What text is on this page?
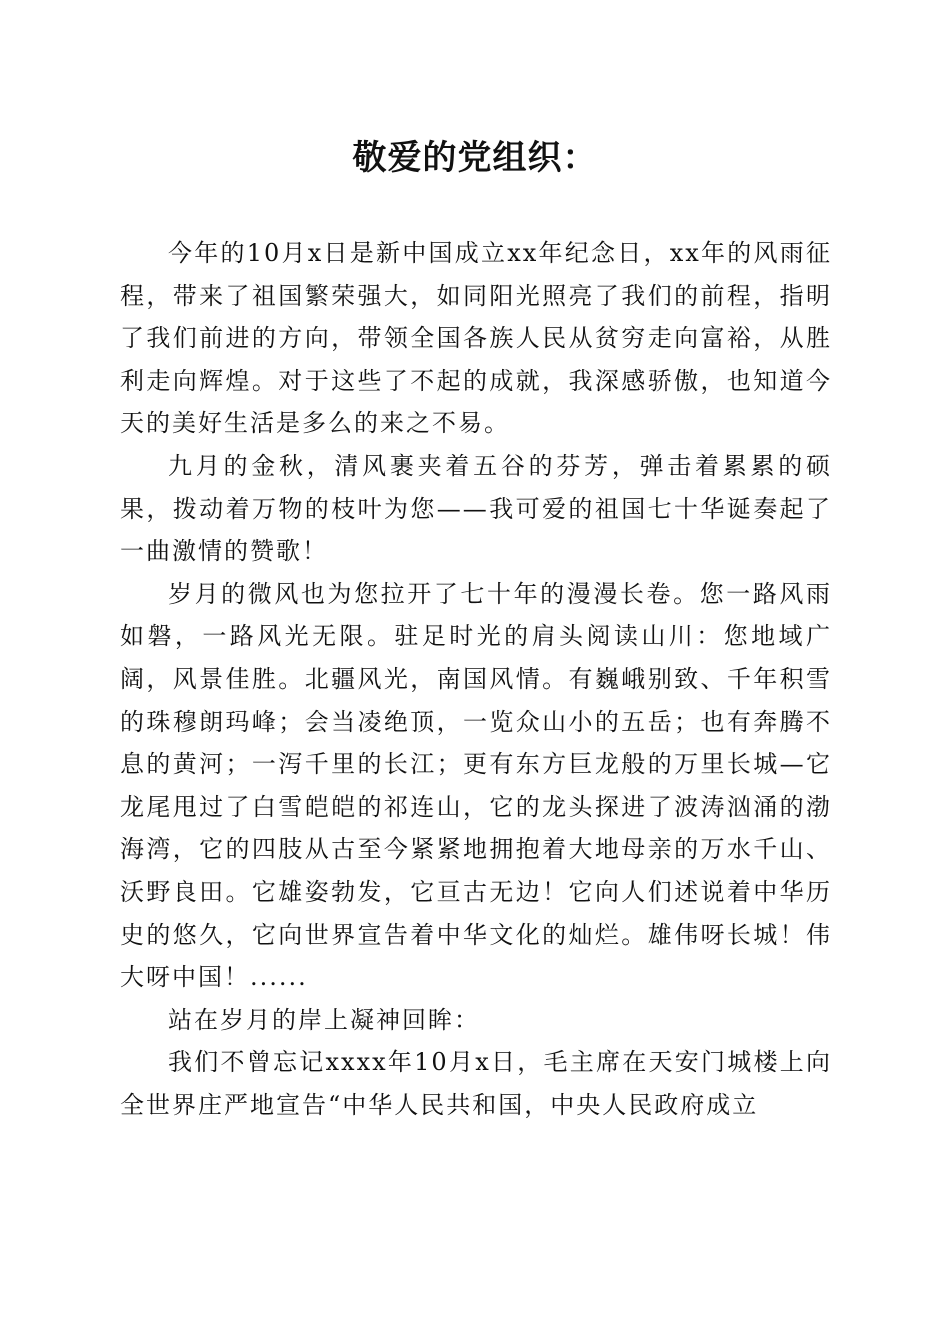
敬爱的党组织：

今年的10月x日是新中国成立xx年纪念日，xx年的风雨征程，带来了祖国繁荣强大，如同阳光照亮了我们的前程，指明了我们前进的方向，带领全国各族人民从贫穷走向富裕，从胜利走向辉煌。对于这些了不起的成就，我深感骄傲，也知道今天的美好生活是多么的来之不易。

九月的金秋，清风裹夹着五谷的芬芳，弹击着累累的硕果，拨动着万物的枝叶为您——我可爱的祖国七十华诞奏起了一曲激情的赞歌！

岁月的微风也为您拉开了七十年的漫漫长卷。您一路风雨如磐，一路风光无限。驻足时光的肩头阅读山川：您地域广阔，风景佳胜。北疆风光，南国风情。有巍峨别致、千年积雪的珠穆朗玛峰；会当凌绝顶，一览众山小的五岳；也有奔腾不息的黄河；一泻千里的长江；更有东方巨龙般的万里长城—它龙尾甩过了白雪皑皑的祁连山，它的龙头探进了波涛汹涌的渤海湾，它的四肢从古至今紧紧地拥抱着大地母亲的万水千山、沃野良田。它雄姿勃发，它亘古无边！它向人们述说着中华历史的悠久，它向世界宣告着中华文化的灿烂。雄伟呀长城！伟大呀中国！......

站在岁月的岸上凝神回眸：

我们不曾忘记xxxx年10月x日，毛主席在天安门城楼上向全世界庄严地宣告“中华人民共和国，中央人民政府成立
